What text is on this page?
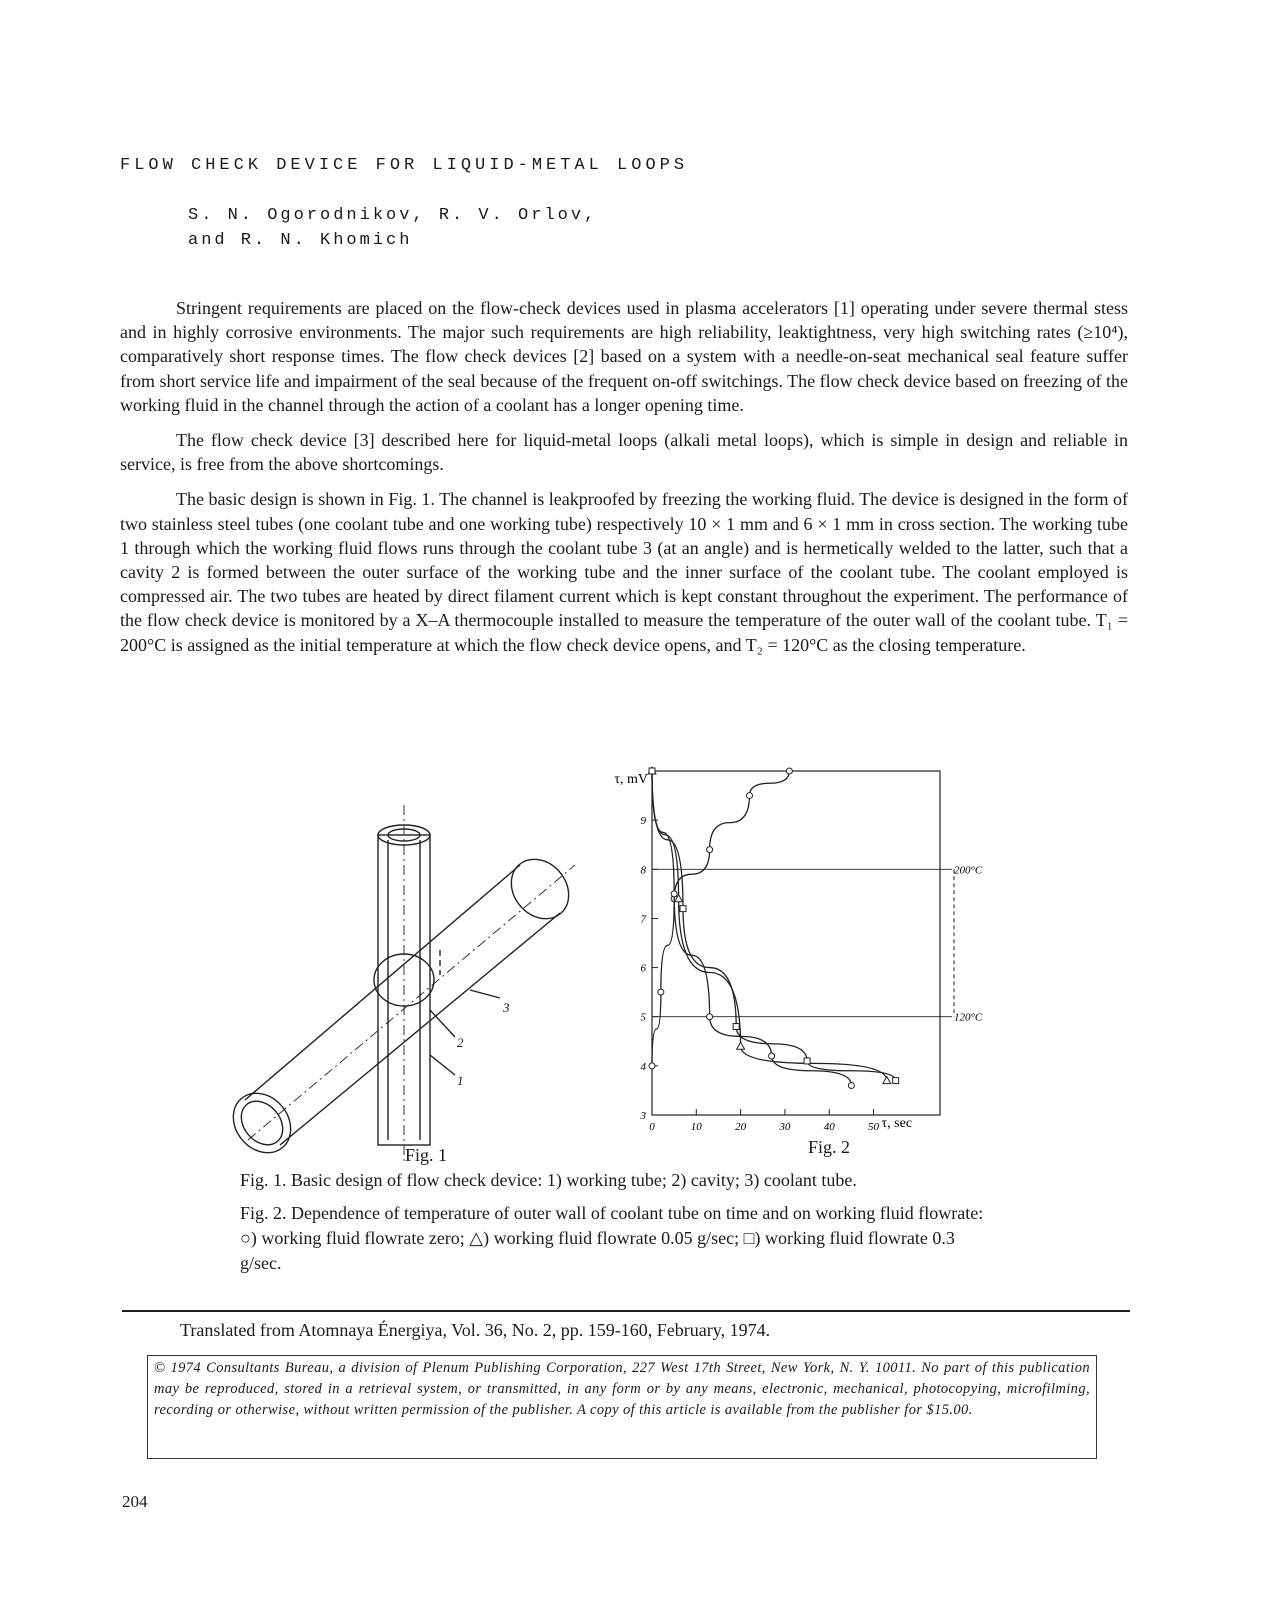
FLOW CHECK DEVICE FOR LIQUID-METAL LOOPS
S. N. Ogorodnikov, R. V. Orlov,
and R. N. Khomich

Stringent requirements are placed on the flow-check devices used in plasma accelerators [1] operating under severe thermal stess and in highly corrosive environments. The major such requirements are high reliability, leaktightness, very high switching rates (≥10⁴), comparatively short response times. The flow check devices [2] based on a system with a needle-on-seat mechanical seal feature suffer from short service life and impairment of the seal because of the frequent on-off switchings. The flow check device based on freezing of the working fluid in the channel through the action of a coolant has a longer opening time.

The flow check device [3] described here for liquid-metal loops (alkali metal loops), which is simple in design and reliable in service, is free from the above shortcomings.

The basic design is shown in Fig. 1. The channel is leakproofed by freezing the working fluid. The device is designed in the form of two stainless steel tubes (one coolant tube and one working tube) respectively 10 × 1 mm and 6 × 1 mm in cross section. The working tube 1 through which the working fluid flows runs through the coolant tube 3 (at an angle) and is hermetically welded to the latter, such that a cavity 2 is formed between the outer surface of the working tube and the inner surface of the coolant tube. The coolant employed is compressed air. The two tubes are heated by direct filament current which is kept constant throughout the experiment. The performance of the flow check device is monitored by a X–A thermocouple installed to measure the temperature of the outer wall of the coolant tube. T₁ = 200°C is assigned as the initial temperature at which the flow check device opens, and T₂ = 120°C as the closing temperature.

3
2
1
Fig. 1
3
4
5
6
7
8
9
0	10	20	30	40	50
τ, mV
τ, sec
200°C
120°C
Fig. 2

Fig. 1. Basic design of flow check device: 1) working tube; 2) cavity; 3) coolant tube.

Fig. 2. Dependence of temperature of outer wall of coolant tube on time and on working fluid flowrate: ○) working fluid flowrate zero; △) working fluid flowrate 0.05 g/sec; □) working fluid flowrate 0.3 g/sec.

Translated from Atomnaya Énergiya, Vol. 36, No. 2, pp. 159-160, February, 1974.
© 1974 Consultants Bureau, a division of Plenum Publishing Corporation, 227 West 17th Street, New York, N. Y. 10011. No part of this publication may be reproduced, stored in a retrieval system, or transmitted, in any form or by any means, electronic, mechanical, photocopying, microfilming, recording or otherwise, without written permission of the publisher. A copy of this article is available from the publisher for $15.00.
204
